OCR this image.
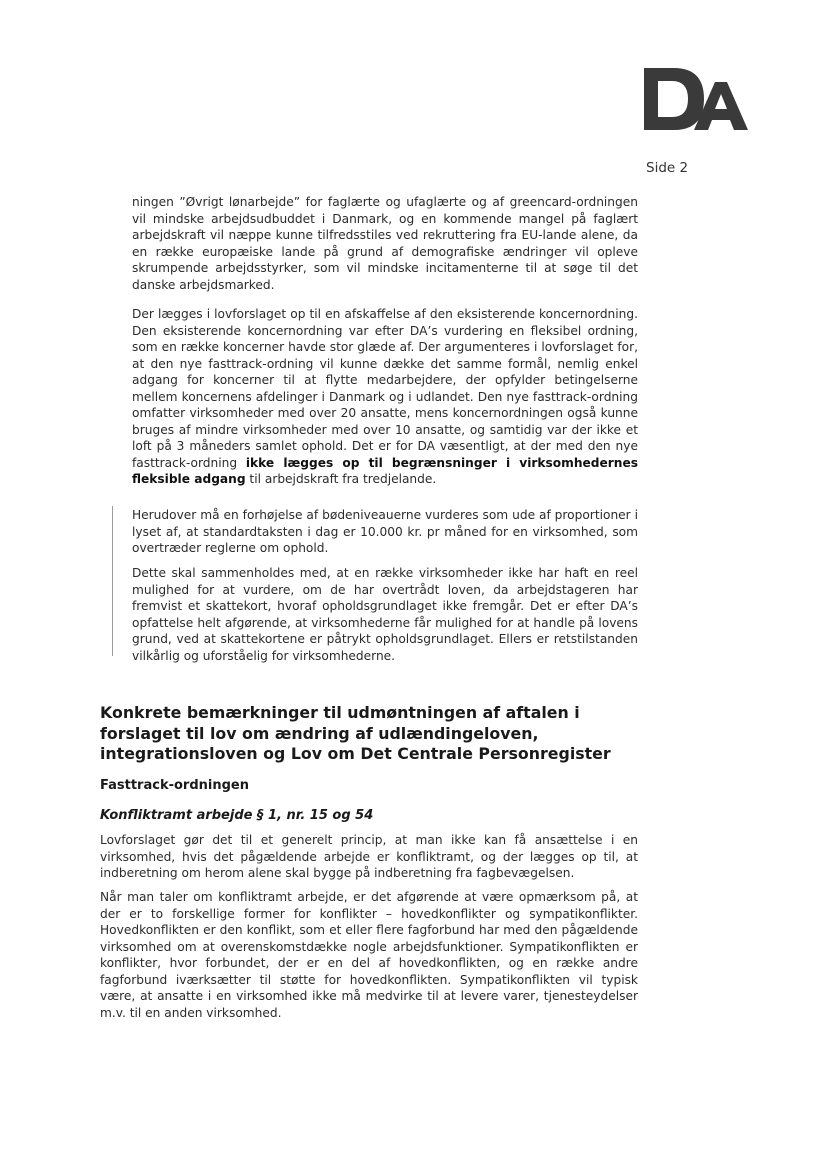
Side 2

ningen ”Øvrigt lønarbejde” for faglærte og ufaglærte og af greencard-ordningen vil mindske arbejdsudbuddet i Danmark, og en kommende mangel på faglært arbejdskraft vil næppe kunne tilfredsstiles ved rekruttering fra EU-lande alene, da en række europæiske lande på grund af demografiske ændringer vil opleve skrumpende arbejdsstyrker, som vil mindske incitamenterne til at søge til det danske arbejdsmarked.

Der lægges i lovforslaget op til en afskaffelse af den eksisterende koncernordning. Den eksisterende koncernordning var efter DA’s vurdering en fleksibel ordning, som en række koncerner havde stor glæde af. Der argumenteres i lovforslaget for, at den nye fasttrack-ordning vil kunne dække det samme formål, nemlig enkel adgang for koncerner til at flytte medarbejdere, der opfylder betingelserne mellem koncernens afdelinger i Danmark og i udlandet. Den nye fasttrack-ordning omfatter virksomheder med over 20 ansatte, mens koncernordningen også kunne bruges af mindre virksomheder med over 10 ansatte, og samtidig var der ikke et loft på 3 måneders samlet ophold. Det er for DA væsentligt, at der med den nye fasttrack-ordning ikke lægges op til begrænsninger i virksomhedernes fleksible adgang til arbejdskraft fra tredjelande.

Herudover må en forhøjelse af bødeniveauerne vurderes som ude af proportioner i lyset af, at standardtaksten i dag er 10.000 kr. pr måned for en virksomhed, som overtræder reglerne om ophold.

Dette skal sammenholdes med, at en række virksomheder ikke har haft en reel mulighed for at vurdere, om de har overtrådt loven, da arbejdstageren har fremvist et skattekort, hvoraf opholdsgrundlaget ikke fremgår. Det er efter DA’s opfattelse helt afgørende, at virksomhederne får mulighed for at handle på lovens grund, ved at skattekortene er påtrykt opholdsgrundlaget. Ellers er retstilstanden vilkårlig og uforståelig for virksomhederne.

Konkrete bemærkninger til udmøntningen af aftalen i forslaget til lov om ændring af udlændingeloven, integrationsloven og Lov om Det Centrale Personregister
Fasttrack-ordningen
Konfliktramt arbejde § 1, nr. 15 og 54

Lovforslaget gør det til et generelt princip, at man ikke kan få ansættelse i en virksomhed, hvis det pågældende arbejde er konfliktramt, og der lægges op til, at indberetning om herom alene skal bygge på indberetning fra fagbevægelsen.

Når man taler om konfliktramt arbejde, er det afgørende at være opmærksom på, at der er to forskellige former for konflikter – hovedkonflikter og sympatikonflikter. Hovedkonflikten er den konflikt, som et eller flere fagforbund har med den pågældende virksomhed om at overenskomstdække nogle arbejdsfunktioner. Sympatikonflikten er konflikter, hvor forbundet, der er en del af hovedkonflikten, og en række andre fagforbund iværksætter til støtte for hovedkonflikten. Sympatikonflikten vil typisk være, at ansatte i en virksomhed ikke må medvirke til at levere varer, tjenesteydelser m.v. til en anden virksomhed.
